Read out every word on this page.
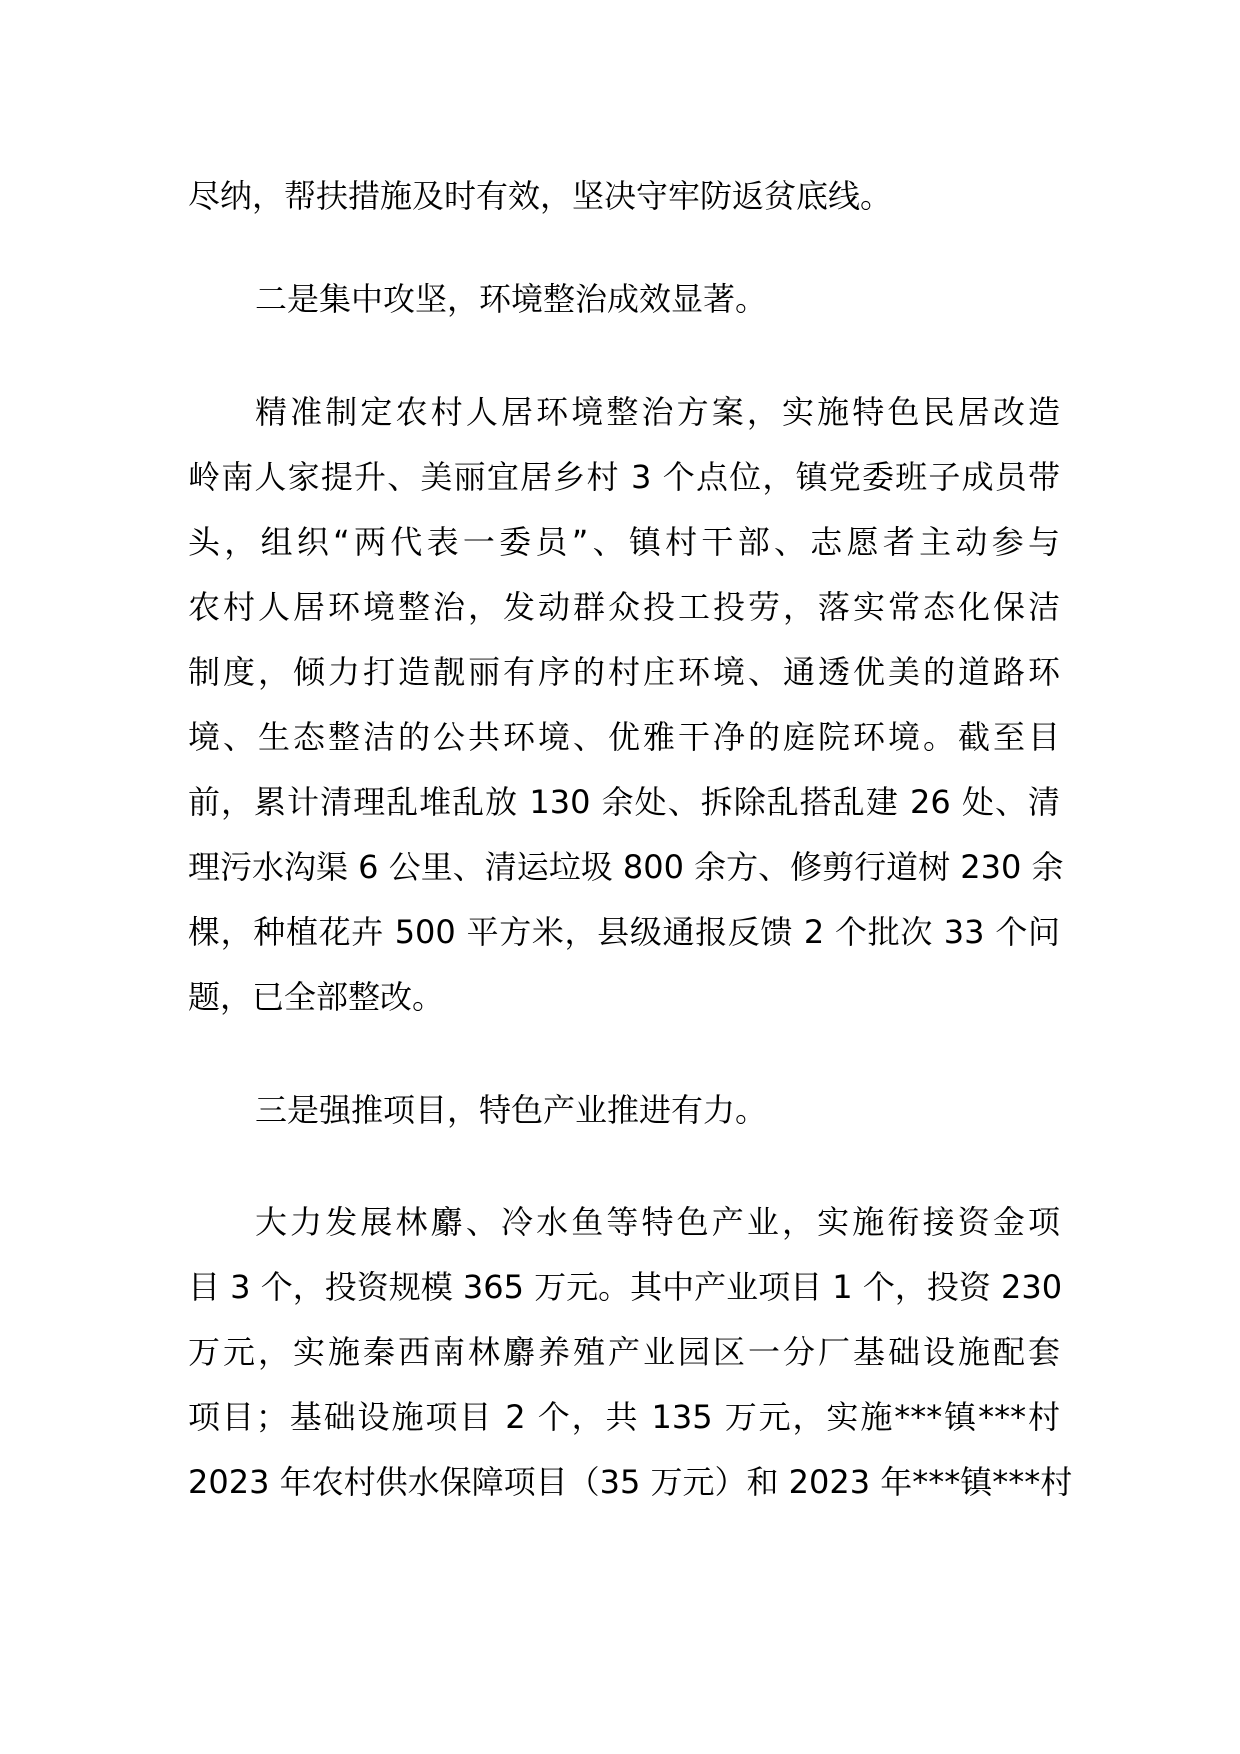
尽纳，帮扶措施及时有效，坚决守牢防返贫底线。
二是集中攻坚，环境整治成效显著。
精准制定农村人居环境整治方案，实施特色民居改造
岭南人家提升、美丽宜居乡村 3 个点位，镇党委班子成员带
头，组织“两代表一委员”、镇村干部、志愿者主动参与
农村人居环境整治，发动群众投工投劳，落实常态化保洁
制度，倾力打造靓丽有序的村庄环境、通透优美的道路环
境、生态整洁的公共环境、优雅干净的庭院环境。截至目
前，累计清理乱堆乱放 130 余处、拆除乱搭乱建 26 处、清
理污水沟渠 6 公里、清运垃圾 800 余方、修剪行道树 230 余
棵，种植花卉 500 平方米，县级通报反馈 2 个批次 33 个问
题，已全部整改。
三是强推项目，特色产业推进有力。
大力发展林麝、冷水鱼等特色产业，实施衔接资金项
目 3 个，投资规模 365 万元。其中产业项目 1 个，投资 230
万元，实施秦西南林麝养殖产业园区一分厂基础设施配套
项目；基础设施项目 2 个，共 135 万元，实施***镇***村
2023 年农村供水保障项目（35 万元）和 2023 年***镇***村
